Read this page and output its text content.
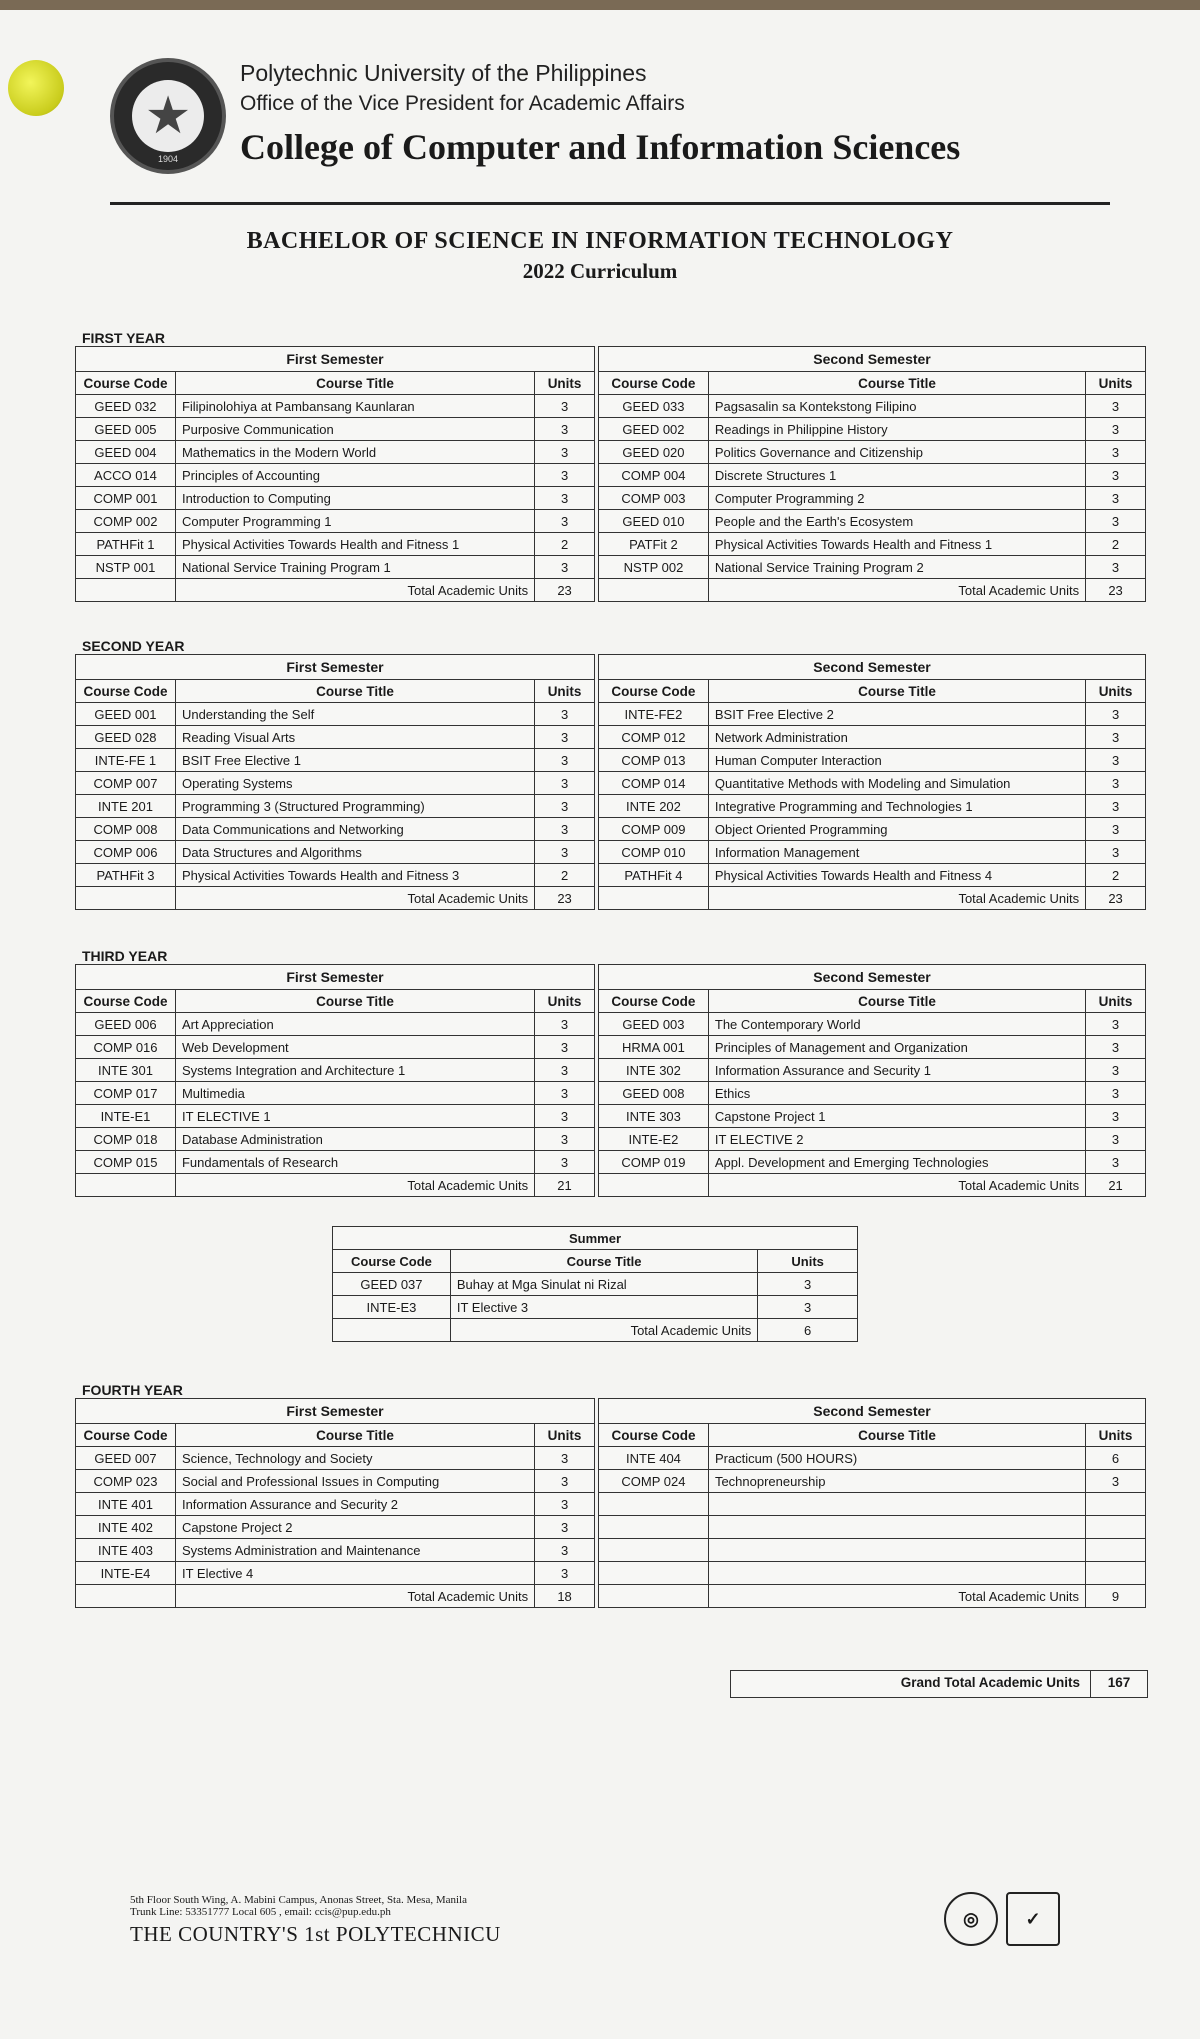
★
1904
Polytechnic University of the Philippines
Office of the Vice President for Academic Affairs
College of Computer and Information Sciences
BACHELOR OF SCIENCE IN INFORMATION TECHNOLOGY
2022 Curriculum
FIRST YEAR
First Semester		
Course Code	Course Title	Units
GEED 032	Filipinolohiya at Pambansang Kaunlaran	3
GEED 005	Purposive Communication	3
GEED 004	Mathematics in the Modern World	3
ACCO 014	Principles of Accounting	3
COMP 001	Introduction to Computing	3
COMP 002	Computer Programming 1	3
PATHFit 1	Physical Activities Towards Health and Fitness 1	2
NSTP 001	National Service Training Program 1	3
	Total Academic Units	23
Second Semester		
Course Code	Course Title	Units
GEED 033	Pagsasalin sa Kontekstong Filipino	3
GEED 002	Readings in Philippine History	3
GEED 020	Politics Governance and Citizenship	3
COMP 004	Discrete Structures 1	3
COMP 003	Computer Programming 2	3
GEED 010	People and the Earth's Ecosystem	3
PATFit 2	Physical Activities Towards Health and Fitness 1	2
NSTP 002	National Service Training Program 2	3
	Total Academic Units	23
SECOND YEAR
First Semester		
Course Code	Course Title	Units
GEED 001	Understanding the Self	3
GEED 028	Reading Visual Arts	3
INTE-FE 1	BSIT Free Elective 1	3
COMP 007	Operating Systems	3
INTE 201	Programming 3 (Structured Programming)	3
COMP 008	Data Communications and Networking	3
COMP 006	Data Structures and Algorithms	3
PATHFit 3	Physical Activities Towards Health and Fitness 3	2
	Total Academic Units	23
Second Semester		
Course Code	Course Title	Units
INTE-FE2	BSIT Free Elective 2	3
COMP 012	Network Administration	3
COMP 013	Human Computer Interaction	3
COMP 014	Quantitative Methods with Modeling and Simulation	3
INTE 202	Integrative Programming and Technologies 1	3
COMP 009	Object Oriented Programming	3
COMP 010	Information Management	3
PATHFit 4	Physical Activities Towards Health and Fitness 4	2
	Total Academic Units	23
THIRD YEAR
First Semester		
Course Code	Course Title	Units
GEED 006	Art Appreciation	3
COMP 016	Web Development	3
INTE 301	Systems Integration and Architecture 1	3
COMP 017	Multimedia	3
INTE-E1	IT ELECTIVE 1	3
COMP 018	Database Administration	3
COMP 015	Fundamentals of Research	3
	Total Academic Units	21
Second Semester		
Course Code	Course Title	Units
GEED 003	The Contemporary World	3
HRMA 001	Principles of Management and Organization	3
INTE 302	Information Assurance and Security 1	3
GEED 008	Ethics	3
INTE 303	Capstone Project 1	3
INTE-E2	IT ELECTIVE 2	3
COMP 019	Appl. Development and Emerging Technologies	3
	Total Academic Units	21
FOURTH YEAR
First Semester		
Course Code	Course Title	Units
GEED 007	Science, Technology and Society	3
COMP 023	Social and Professional Issues in Computing	3
INTE 401	Information Assurance and Security 2	3
INTE 402	Capstone Project 2	3
INTE 403	Systems Administration and Maintenance	3
INTE-E4	IT Elective 4	3
	Total Academic Units	18
Second Semester		
Course Code	Course Title	Units
INTE 404	Practicum (500 HOURS)	6
COMP 024	Technopreneurship	3

	Total Academic Units	9
Summer		
Course Code	Course Title	Units
GEED 037	Buhay at Mga Sinulat ni Rizal	3
INTE-E3	IT Elective 3	3
	Total Academic Units	6
Grand Total Academic Units	167
5th Floor South Wing, A. Mabini Campus, Anonas Street, Sta. Mesa, Manila
Trunk Line: 53351777 Local 605 , email: ccis@pup.edu.ph
THE COUNTRY'S 1st POLYTECHNICU
◎	✓
